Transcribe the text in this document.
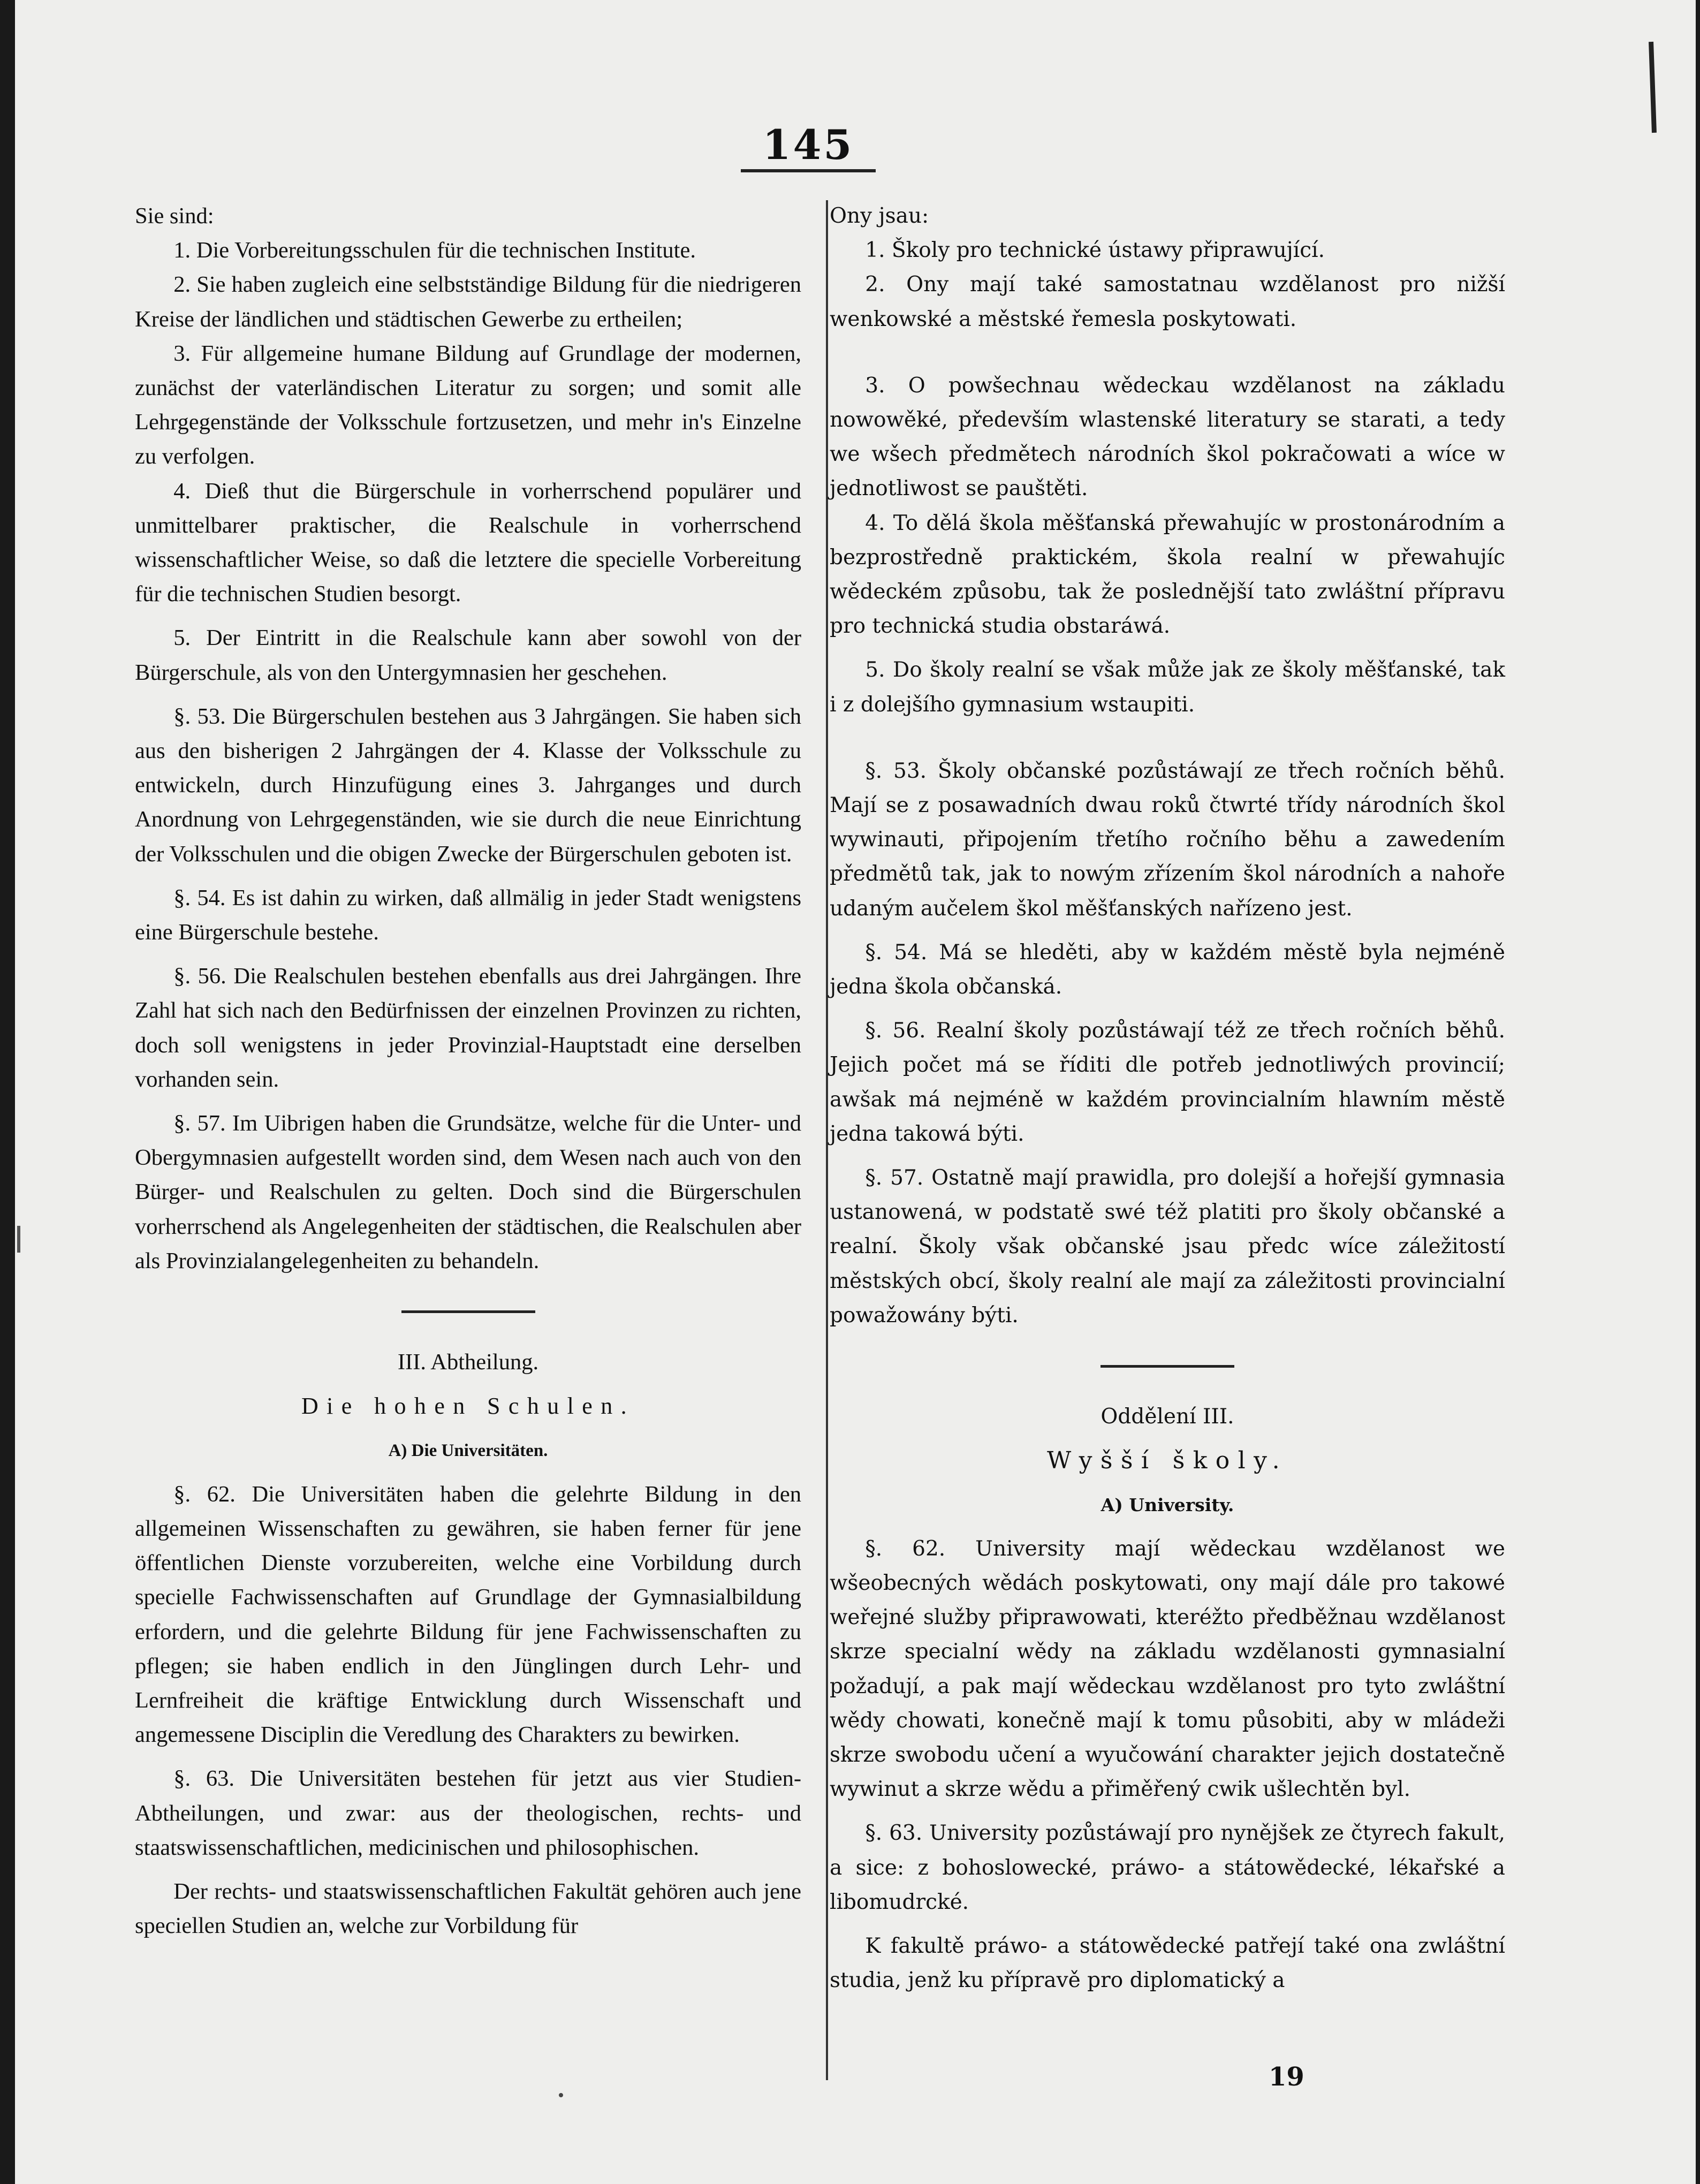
145

Sie sind:

1. Die Vorbereitungsschulen für die technischen Institute.

2. Sie haben zugleich eine selbstständige Bildung für die niedrigeren Kreise der ländlichen und städtischen Gewerbe zu ertheilen;

3. Für allgemeine humane Bildung auf Grundlage der modernen, zunächst der vaterländischen Literatur zu sorgen; und somit alle Lehrgegenstände der Volksschule fortzusetzen, und mehr in's Einzelne zu verfolgen.

4. Dieß thut die Bürgerschule in vorherrschend populärer und unmittelbarer praktischer, die Realschule in vorherrschend wissenschaftlicher Weise, so daß die letztere die specielle Vorbereitung für die technischen Studien besorgt.

5. Der Eintritt in die Realschule kann aber sowohl von der Bürgerschule, als von den Untergymnasien her geschehen.

§. 53. Die Bürgerschulen bestehen aus 3 Jahrgängen. Sie haben sich aus den bisherigen 2 Jahrgängen der 4. Klasse der Volksschule zu entwickeln, durch Hinzufügung eines 3. Jahrganges und durch Anordnung von Lehrgegenständen, wie sie durch die neue Einrichtung der Volksschulen und die obigen Zwecke der Bürgerschulen geboten ist.

§. 54. Es ist dahin zu wirken, daß allmälig in jeder Stadt wenigstens eine Bürgerschule bestehe.

§. 56. Die Realschulen bestehen ebenfalls aus drei Jahrgängen. Ihre Zahl hat sich nach den Bedürfnissen der einzelnen Provinzen zu richten, doch soll wenigstens in jeder Provinzial-Hauptstadt eine derselben vorhanden sein.

§. 57. Im Uibrigen haben die Grundsätze, welche für die Unter- und Obergymnasien aufgestellt worden sind, dem Wesen nach auch von den Bürger- und Realschulen zu gelten. Doch sind die Bürgerschulen vorherrschend als Angelegenheiten der städtischen, die Realschulen aber als Provinzialangelegenheiten zu behandeln.

III. Abtheilung.

Die hohen Schulen.

A) Die Universitäten.

§. 62. Die Universitäten haben die gelehrte Bildung in den allgemeinen Wissenschaften zu gewähren, sie haben ferner für jene öffentlichen Dienste vorzubereiten, welche eine Vorbildung durch specielle Fachwissenschaften auf Grundlage der Gymnasialbildung erfordern, und die gelehrte Bildung für jene Fachwissenschaften zu pflegen; sie haben endlich in den Jünglingen durch Lehr- und Lernfreiheit die kräftige Entwicklung durch Wissenschaft und angemessene Disciplin die Veredlung des Charakters zu bewirken.

§. 63. Die Universitäten bestehen für jetzt aus vier Studien-Abtheilungen, und zwar: aus der theologischen, rechts- und staatswissenschaftlichen, medicinischen und philosophischen.

Der rechts- und staatswissenschaftlichen Fakultät gehören auch jene speciellen Studien an, welche zur Vorbildung für

Ony jsau:

1. Školy pro technické ústawy připrawující.

2. Ony mají také samostatnau wzdělanost pro nižší wenkowské a městské řemesla poskytowati.

3. O powšechnau wědeckau wzdělanost na základu nowowěké, především wlastenské literatury se starati, a tedy we wšech předmětech národních škol pokračowati a wíce w jednotliwost se pauštěti.

4. To dělá škola měšťanská přewahujíc w prostonárodním a bezprostředně praktickém, škola realní w přewahujíc wědeckém způsobu, tak že poslednější tato zwláštní přípravu pro technická studia obstaráwá.

5. Do školy realní se však může jak ze školy měšťanské, tak i z dolejšího gymnasium wstaupiti.

§. 53. Školy občanské pozůstáwají ze třech ročních běhů. Mají se z posawadních dwau roků čtwrté třídy národních škol wywinauti, připojením třetího ročního běhu a zawedením předmětů tak, jak to nowým zřízením škol národních a nahoře udaným aučelem škol měšťanských nařízeno jest.

§. 54. Má se hleděti, aby w každém městě byla nejméně jedna škola občanská.

§. 56. Realní školy pozůstáwají též ze třech ročních běhů. Jejich počet má se říditi dle potřeb jednotliwých provincií; awšak má nejméně w každém provincialním hlawním městě jedna takowá býti.

§. 57. Ostatně mají prawidla, pro dolejší a hořejší gymnasia ustanowená, w podstatě swé též platiti pro školy občanské a realní. Školy však občanské jsau předc wíce záležitostí městských obcí, školy realní ale mají za záležitosti provincialní powažowány býti.

Oddělení III.

Wyšší školy.

A) University.

§. 62. University mají wědeckau wzdělanost we wšeobecných wědách poskytowati, ony mají dále pro takowé weřejné služby připrawowati, kteréžto předběžnau wzdělanost skrze specialní wědy na základu wzdělanosti gymnasialní požadují, a pak mají wědeckau wzdělanost pro tyto zwláštní wědy chowati, konečně mají k tomu působiti, aby w mládeži skrze swobodu učení a wyučowání charakter jejich dostatečně wywinut a skrze wědu a přiměřený cwik ušlechtěn byl.

§. 63. University pozůstáwají pro nynějšek ze čtyrech fakult, a sice: z bohoslowecké, práwo- a státowědecké, lékařské a libomudrcké.

K fakultě práwo- a státowědecké patřejí také ona zwláštní studia, jenž ku přípravě pro diplomatický a

19
